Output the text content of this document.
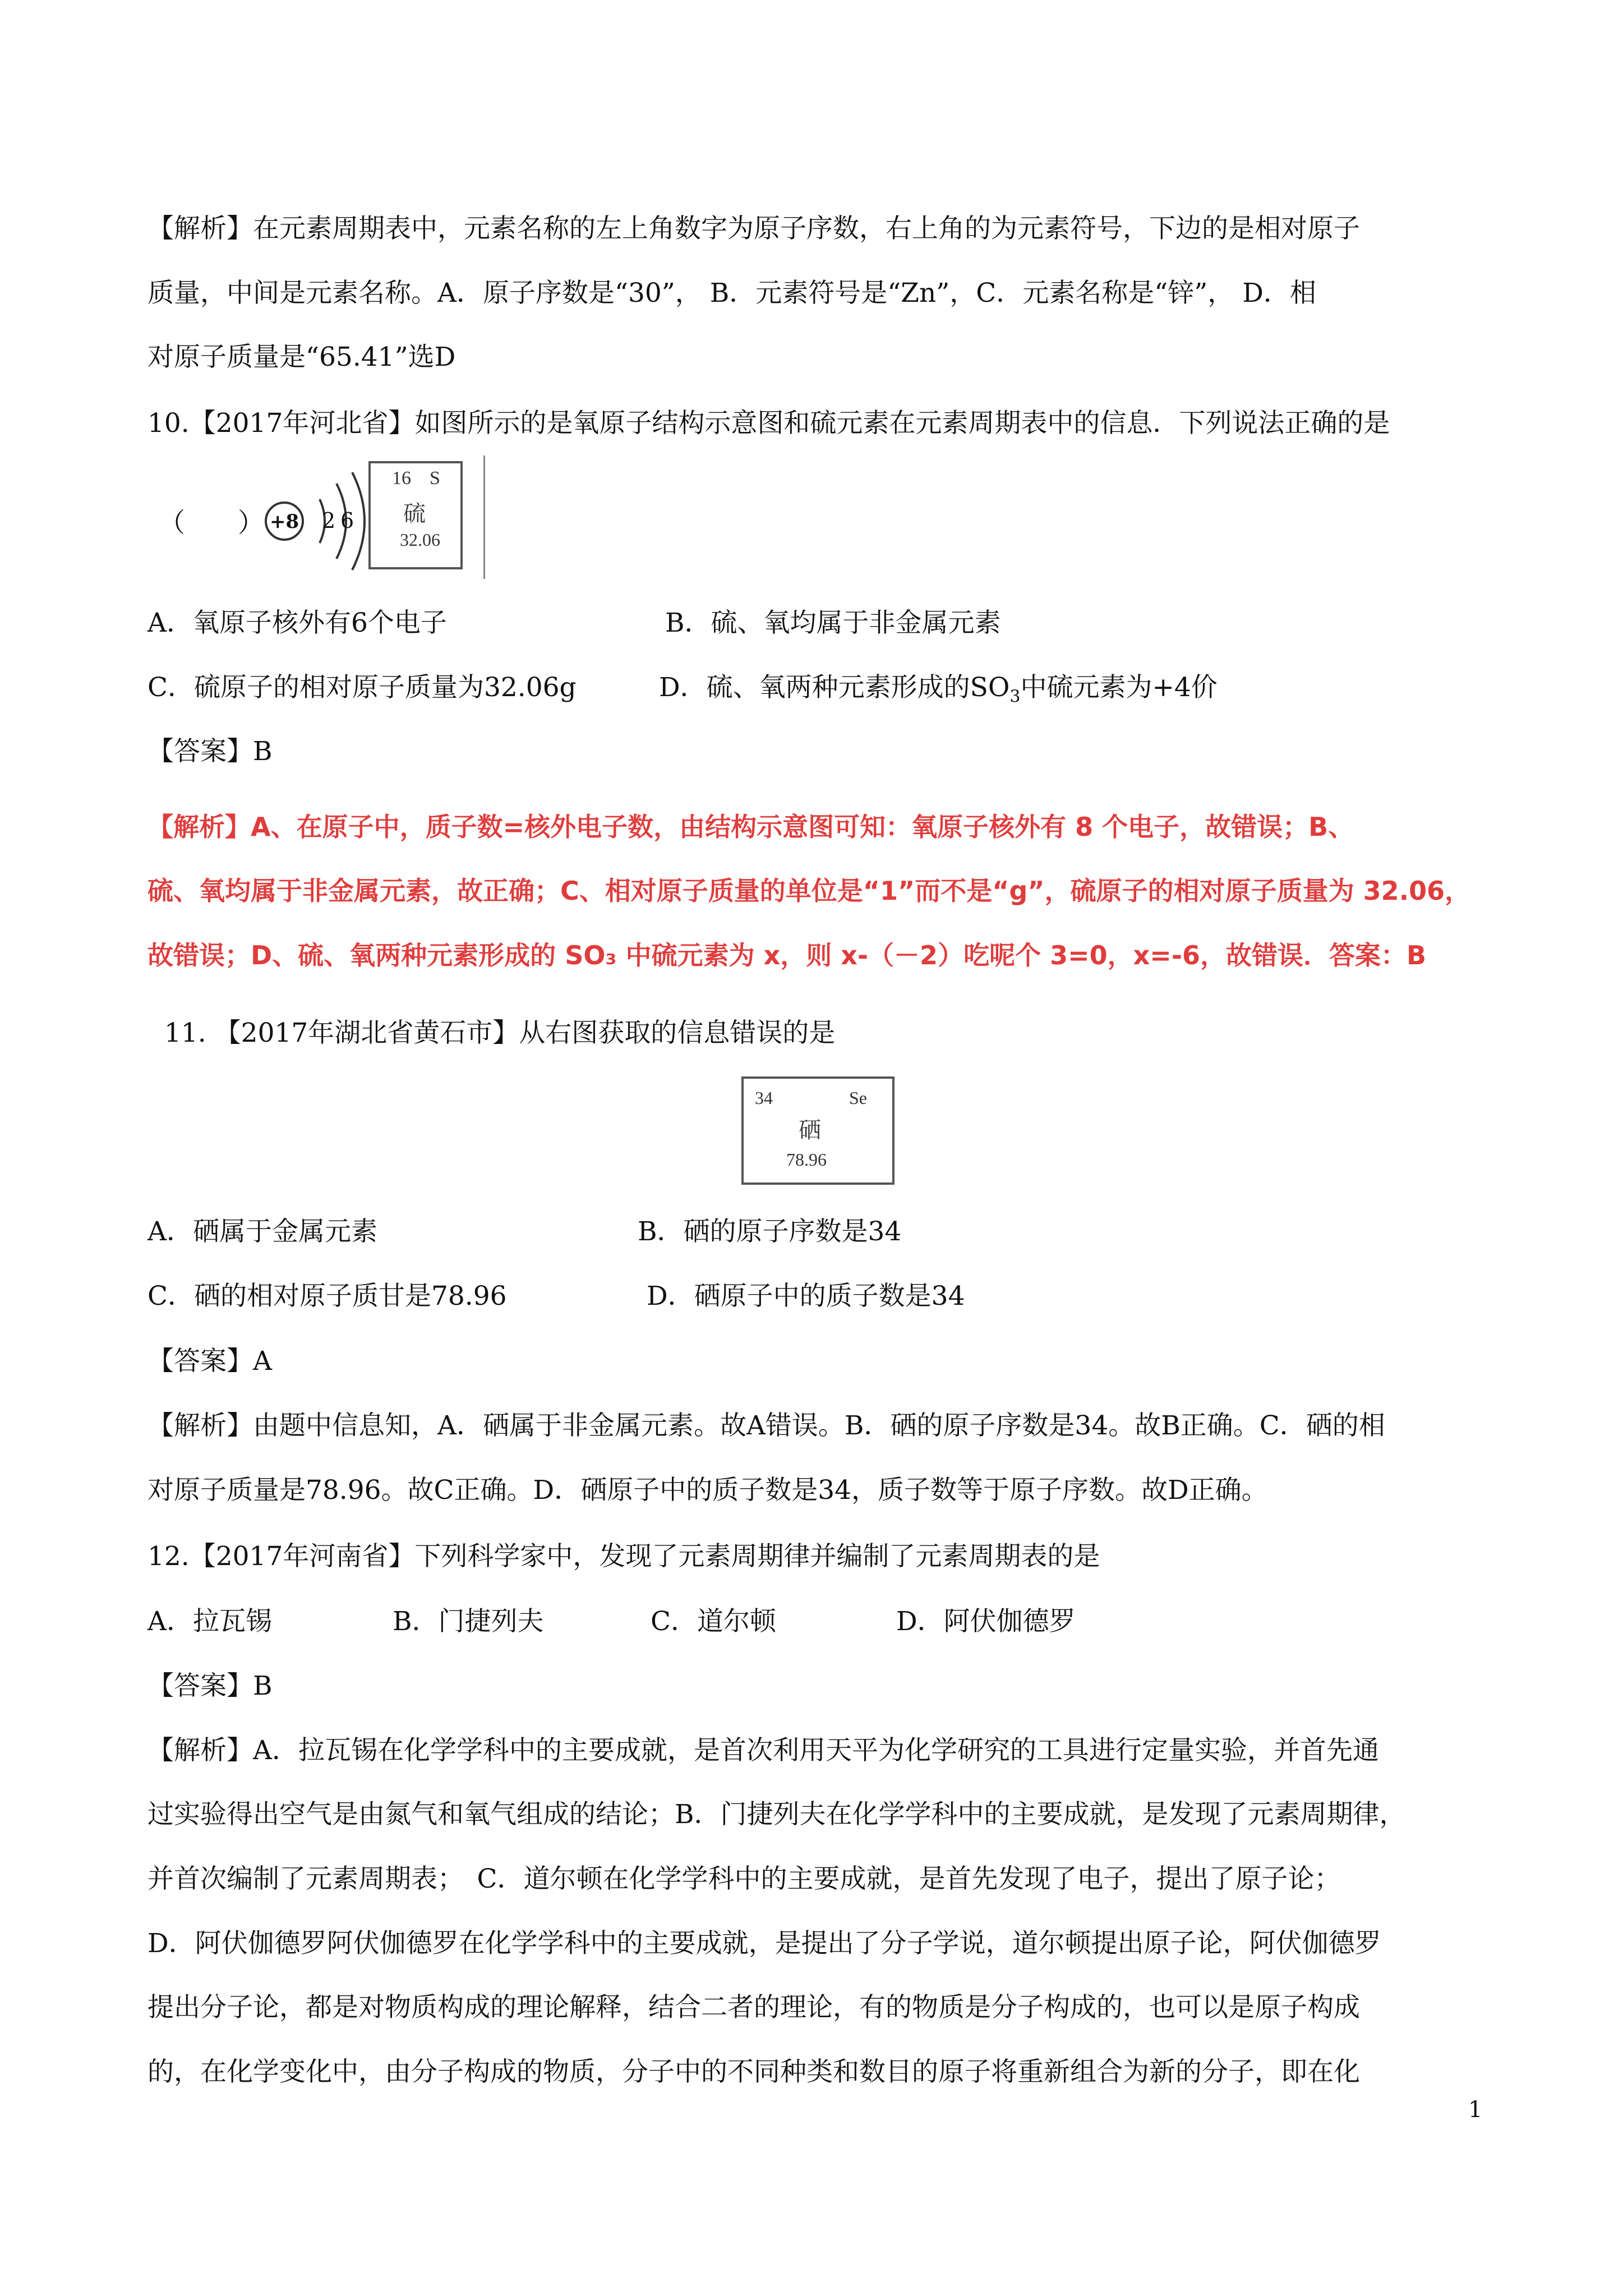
【解析】在元素周期表中，元素名称的左上角数字为原子序数，右上角的为元素符号，下边的是相对原子

质量，中间是元素名称。A．原子序数是“30”， B．元素符号是“Zn”，C．元素名称是“锌”， D．相

对原子质量是“65.41”选D

10.【2017年河北省】如图所示的是氧原子结构示意图和硫元素在元素周期表中的信息．下列说法正确的是

（　　） +8 2 6
16 S
硫
32.06

A．氧原子核外有6个电子	B．硫、氧均属于非金属元素

C．硫原子的相对原子质量为32.06g	D．硫、氧两种元素形成的$SO_3$中硫元素为+4价

【答案】B

【解析】A、在原子中，质子数=核外电子数，由结构示意图可知：氧原子核外有 8 个电子，故错误；B、

硫、氧均属于非金属元素，故正确；C、相对原子质量的单位是“1”而不是“g”，硫原子的相对原子质量为 32.06，

故错误；D、硫、氧两种元素形成的 SO₃ 中硫元素为 x，则 x-（－2）吃呢个 3=0，x=-6，故错误．答案：B

11. 【2017年湖北省黄石市】从右图获取的信息错误的是

34	Se
硒
78.96

A．硒属于金属元素	B．硒的原子序数是34

C．硒的相对原子质甘是78.96	D．硒原子中的质子数是34

【答案】A

【解析】由题中信息知，A．硒属于非金属元素。故A错误。B．硒的原子序数是34。故B正确。C．硒的相

对原子质量是78.96。故C正确。D．硒原子中的质子数是34，质子数等于原子序数。故D正确。

12.【2017年河南省】下列科学家中，发现了元素周期律并编制了元素周期表的是

A．拉瓦锡	B．门捷列夫	C．道尔顿	D．阿伏伽德罗

【答案】B

【解析】A．拉瓦锡在化学学科中的主要成就，是首次利用天平为化学研究的工具进行定量实验，并首先通

过实验得出空气是由氮气和氧气组成的结论；B．门捷列夫在化学学科中的主要成就，是发现了元素周期律，

并首次编制了元素周期表；　C．道尔顿在化学学科中的主要成就，是首先发现了电子，提出了原子论；

D．阿伏伽德罗阿伏伽德罗在化学学科中的主要成就，是提出了分子学说，道尔顿提出原子论，阿伏伽德罗

提出分子论，都是对物质构成的理论解释，结合二者的理论，有的物质是分子构成的，也可以是原子构成

的，在化学变化中，由分子构成的物质，分子中的不同种类和数目的原子将重新组合为新的分子，即在化

1
